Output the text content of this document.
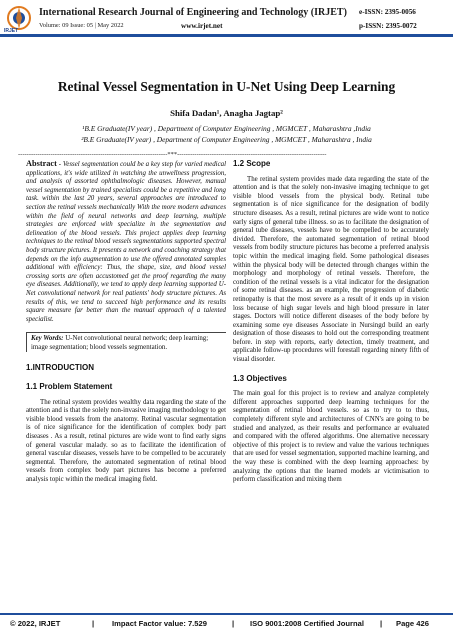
IRJET
International Research Journal of Engineering and Technology (IRJET)
Volume: 09 Issue: 05 | May 2022	www.irjet.net
e-ISSN: 2395-0056
p-ISSN: 2395-0072
Retinal Vessel Segmentation in U-Net Using Deep Learning
Shifa Dadan¹, Anagha Jagtap²
¹B.E Graduate(IV year) , Department of Computer Engineering , MGMCET , Maharashtra ,India
²B.E Graduate(IV year) , Department of Computer Engineering , MGMCET , Maharashtra , India
---------------------------------------------------------------------***---------------------------------------------------------------------

Abstract - Vessel segmentation could be a key step for varied medical applications, it's wide utilized in watching the unwellness progression, and analysis of assorted ophthalmologic diseases. However, manual vessel segmentation by trained specialists could be a repetitive and long task. within the last 20 years, several approaches are introduced to section the retinal vessels mechanically With the more modern advances within the field of neural networks and deep learning, multiple strategies are enforced with specialize in the segmentation and delineation of the blood vessels. This project applies deep learning techniques to the retinal blood vessels segmentations supported spectral body structure pictures. It presents a network and coaching strategy that depends on the info augmentation to use the offered annotated samples additional with efficiency: Thus, the shape, size, and blood vessel crossing sorts are often accustomed get the proof regarding the many eye diseases. Additionally, we tend to apply deep learning supported U-Net convolutional network for real patients' body structure pictures. As results of this, we tend to succeed high performance and its results square measure far better than the manual approach of a talented specialist.

Key Words: U-Net convolutional neural network; deep learning; image segmentation; blood vessels segmentation.
1.INTRODUCTION
1.1 Problem Statement

The retinal system provides wealthy data regarding the state of the attention and is that the solely non-invasive imaging methodology to get visible blood vessels from the anatomy. Retinal vascular segmentation is of nice significance for the identification of complex body part diseases . As a result, retinal pictures are wide wont to find early signs of general vascular malady. so as to facilitate the identification of general vascular diseases, vessels have to be compelled to be accurately segmental. Therefore, the automated segmentation of retinal blood vessels from complex body part pictures has become a preferred analysis topic within the medical imaging field.

1.2 Scope

The retinal system provides made data regarding the state of the attention and is that the solely non-invasive imaging technique to get visible blood vessels from the physical body. Retinal tube segmentation is of nice significance for the designation of bodily structure diseases. As a result, retinal pictures are wide wont to notice early signs of general tube illness. so as to facilitate the designation of general tube diseases, vessels have to be compelled to be accurately divided. Therefore, the automated segmentation of retinal blood vessels from bodily structure pictures has become a preferred analysis topic within the medical imaging field. Some pathological diseases within the physical body will be detected through changes within the morphology and morphology of retinal vessels. Therefore, the condition of the retinal vessels is a vital indicator for the designation of some retinal diseases. as an example, the progression of diabetic retinopathy is that the most severe as a result of it ends up in vision loss because of high sugar levels and high blood pressure in later stages. Doctors will notice different diseases of the body before by examining some eye diseases Associate in Nursingd build an early designation of those diseases to hold out the corresponding treatment before. in step with reports, early detection, timely treatment, and applicable follow-up procedures will forestall regarding ninety fifth of visual disorder.

1.3 Objectives

The main goal for this project is to review and analyze completely different approaches supported deep learning techniques for the segmentation of retinal blood vessels. so as to try to to thus, completely different style and architectures of CNN's are going to be studied and analyzed, as their results and performance ar evaluated and compared with the offered algorithms. One alternative necessary objective of this project is to review and value the various techniques that are used for vessel segmentation, supported machine learning, and the way these is combined with the deep learning approaches: by analyzing the options that the learned models ar victimisation to perform classification and mixing them

© 2022, IRJET	| Impact Factor value: 7.529	| ISO 9001:2008 Certified Journal | Page 426
